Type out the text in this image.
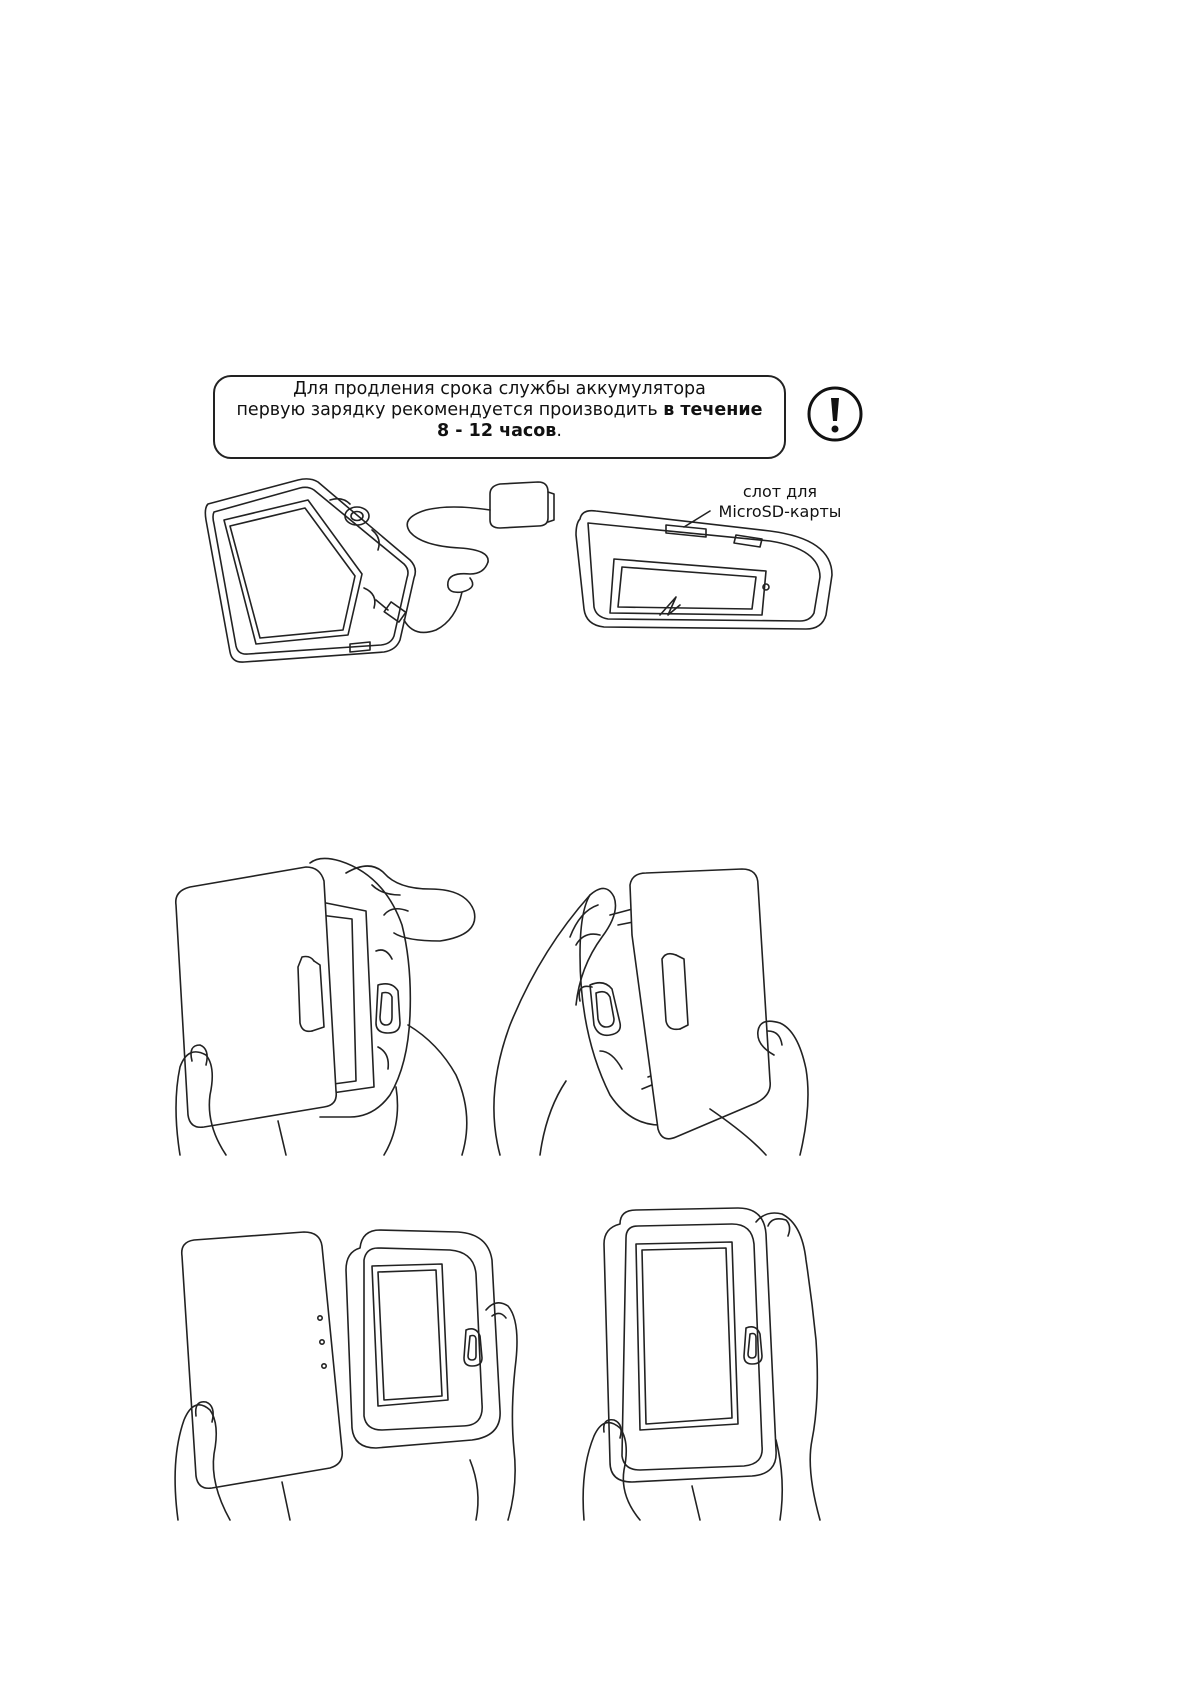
Для продления срока службы аккумулятора
первую зарядку рекомендуется производить в течение
8 - 12 часов.
слот для
MicroSD-карты
